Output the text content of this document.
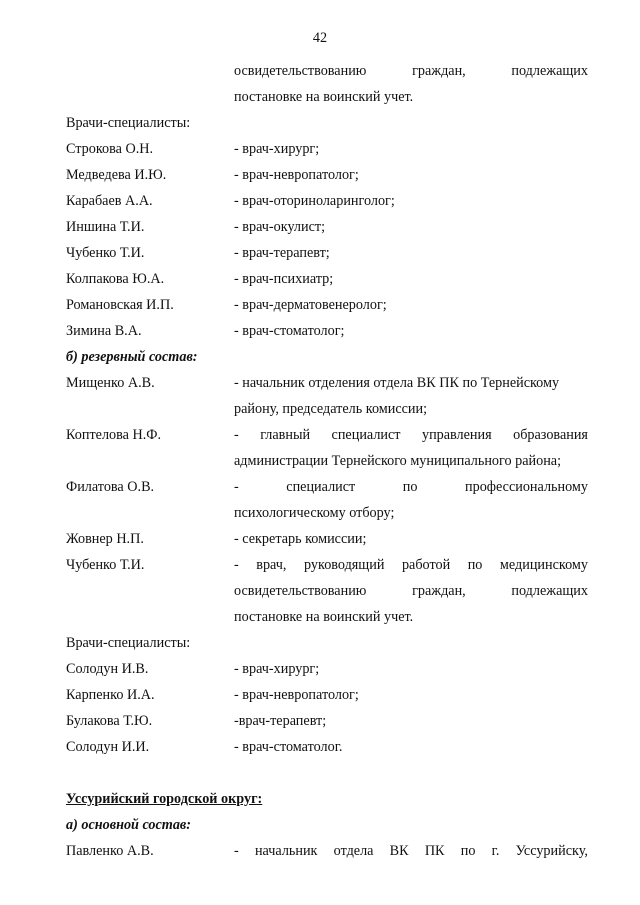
42
освидетельствованию	граждан,	подлежащих
постановке на воинский учет.
Врачи-специалисты:
Строкова О.Н.	- врач-хирург;
Медведева И.Ю.	- врач-невропатолог;
Карабаев А.А.	- врач-оториноларинголог;
Иншина Т.И.	- врач-окулист;
Чубенко Т.И.	- врач-терапевт;
Колпакова Ю.А.	- врач-психиатр;
Романовская И.П.	- врач-дерматовенеролог;
Зимина В.А.	- врач-стоматолог;
б) резервный состав:
Мищенко А.В.	- начальник отделения отдела ВК ПК по Тернейскому
району, председатель комиссии;
Коптелова Н.Ф.	- главный специалист управления образования
администрации Тернейского муниципального района;
Филатова О.В.	-	специалист	по	профессиональному
психологическому отбору;
Жовнер Н.П.	- секретарь комиссии;
Чубенко Т.И.	- врач, руководящий работой по медицинскому
освидетельствованию	граждан,	подлежащих
постановке на воинский учет.
Врачи-специалисты:
Солодун И.В.	- врач-хирург;
Карпенко И.А.	- врач-невропатолог;
Булакова Т.Ю.	-врач-терапевт;
Солодун И.И.	- врач-стоматолог.
Уссурийский городской округ:
а) основной состав:
Павленко А.В.	- начальник отдела ВК ПК по г. Уссурийску,
